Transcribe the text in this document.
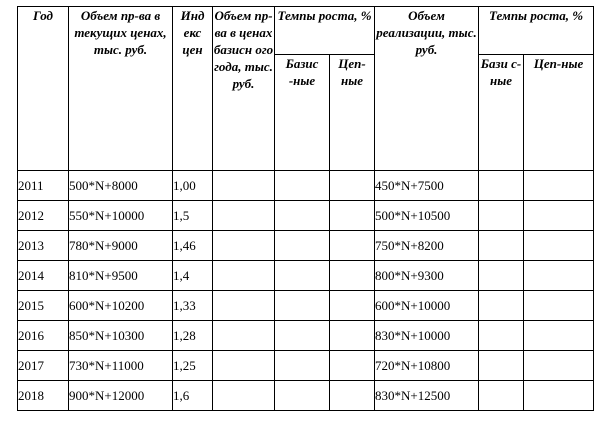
Год	Объем пр-ва в текущих ценах, тыс. руб.	Инд екс цен	Объем пр-ва в ценах базисн ого года, тыс. руб.	Темпы роста, %		Объем реализации, тыс. руб.	Темпы роста, %	

				Базис -ные	Цеп-ные		Бази с-ные	Цеп-ные

2011	500*N+8000	1,00				450*N+7500		
2012	550*N+10000	1,5				500*N+10500		
2013	780*N+9000	1,46				750*N+8200		
2014	810*N+9500	1,4				800*N+9300		
2015	600*N+10200	1,33				600*N+10000		
2016	850*N+10300	1,28				830*N+10000		
2017	730*N+11000	1,25				720*N+10800		
2018	900*N+12000	1,6				830*N+12500		
